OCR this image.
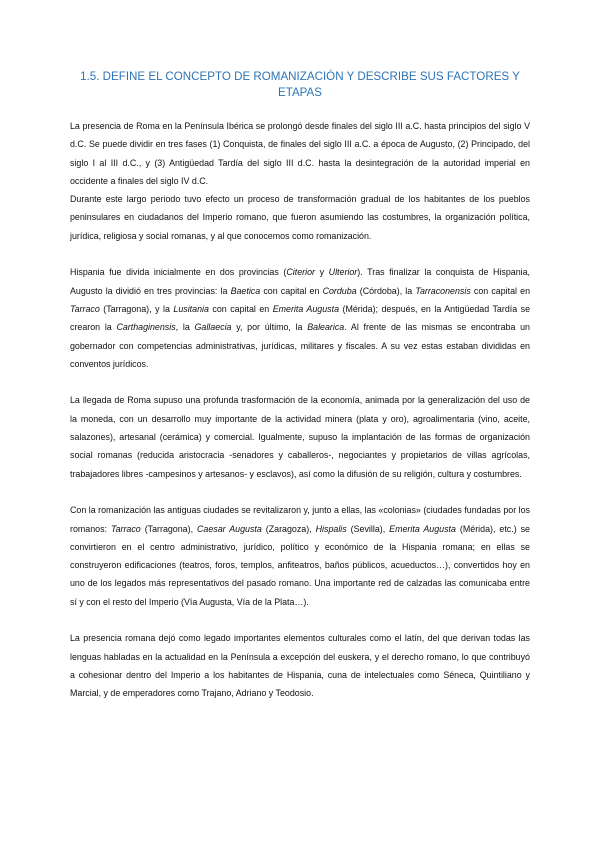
1.5. DEFINE EL CONCEPTO DE ROMANIZACIÓN Y DESCRIBE SUS FACTORES Y ETAPAS

La presencia de Roma en la Península Ibérica se prolongó desde finales del siglo III a.C. hasta principios del siglo V d.C. Se puede dividir en tres fases (1) Conquista, de finales del siglo III a.C. a época de Augusto, (2) Principado, del siglo I al III d.C., y (3) Antigüedad Tardía del siglo III d.C. hasta la desintegración de la autoridad imperial en occidente a finales del siglo IV d.C.

Durante este largo periodo tuvo efecto un proceso de transformación gradual de los habitantes de los pueblos peninsulares en ciudadanos del Imperio romano, que fueron asumiendo las costumbres, la organización política, jurídica, religiosa y social romanas, y al que conocemos como romanización.

Hispania fue divida inicialmente en dos provincias (Citerior y Ulterior). Tras finalizar la conquista de Hispania, Augusto la dividió en tres provincias: la Baetica con capital en Corduba (Córdoba), la Tarraconensis con capital en Tarraco (Tarragona), y la Lusitania con capital en Emerita Augusta (Mérida); después, en la Antigüedad Tardía se crearon la Carthaginensis, la Gallaecia y, por último, la Balearica. Al frente de las mismas se encontraba un gobernador con competencias administrativas, jurídicas, militares y fiscales. A su vez estas estaban divididas en conventos jurídicos.

La llegada de Roma supuso una profunda trasformación de la economía, animada por la generalización del uso de la moneda, con un desarrollo muy importante de la actividad minera (plata y oro), agroalimentaria (vino, aceite, salazones), artesanal (cerámica) y comercial. Igualmente, supuso la implantación de las formas de organización social romanas (reducida aristocracia -senadores y caballeros-, negociantes y propietarios de villas agrícolas, trabajadores libres -campesinos y artesanos- y esclavos), así como la difusión de su religión, cultura y costumbres.

Con la romanización las antiguas ciudades se revitalizaron y, junto a ellas, las «colonias» (ciudades fundadas por los romanos: Tarraco (Tarragona), Caesar Augusta (Zaragoza), Hispalis (Sevilla), Emerita Augusta (Mérida), etc.) se convirtieron en el centro administrativo, jurídico, político y económico de la Hispania romana; en ellas se construyeron edificaciones (teatros, foros, templos, anfiteatros, baños públicos, acueductos…), convertidos hoy en uno de los legados más representativos del pasado romano. Una importante red de calzadas las comunicaba entre sí y con el resto del Imperio (Vía Augusta, Vía de la Plata…).

La presencia romana dejó como legado importantes elementos culturales como el latín, del que derivan todas las lenguas habladas en la actualidad en la Península a excepción del euskera, y el derecho romano, lo que contribuyó a cohesionar dentro del Imperio a los habitantes de Hispania, cuna de intelectuales como Séneca, Quintiliano y Marcial, y de emperadores como Trajano, Adriano y Teodosio.
